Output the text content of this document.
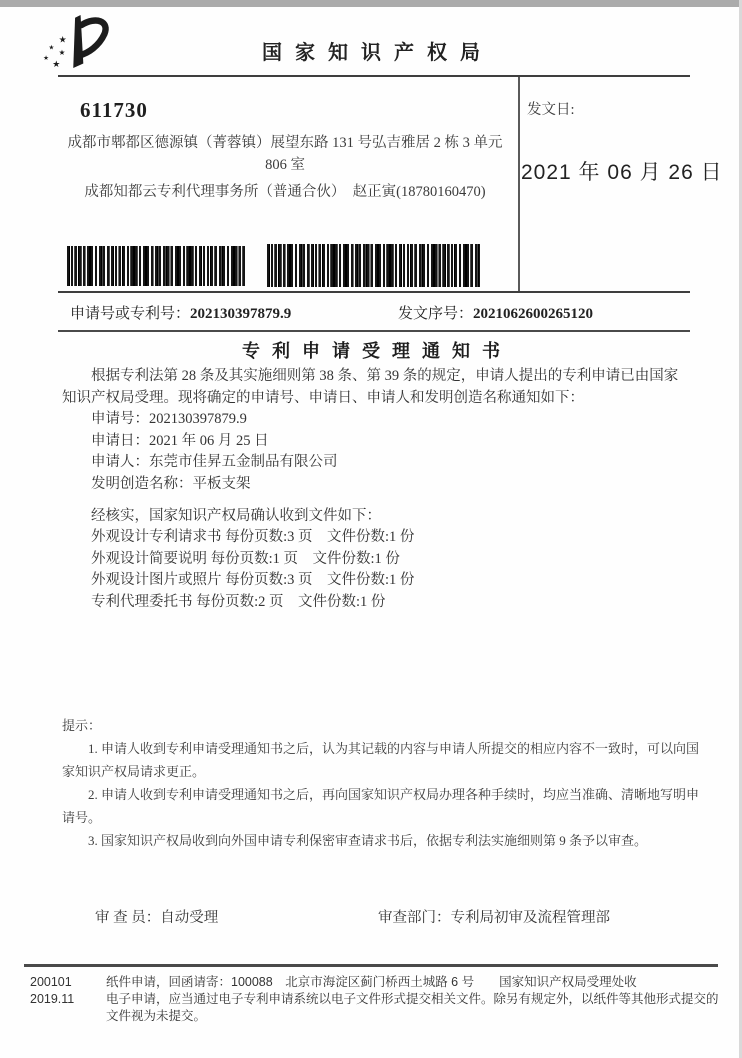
★
★ ★
★
★
国家知识产权局
611730
成都市郫都区德源镇（菁蓉镇）展望东路 131 号弘吉雅居 2 栋 3 单元
806 室
成都知都云专利代理事务所（普通合伙）　赵正寅(18780160470)
发文日:
2021 年 06 月 26 日
申请号或专利号：202130397879.9	发文序号：2021062600265120
专利申请受理通知书

根据专利法第 28 条及其实施细则第 38 条、第 39 条的规定，申请人提出的专利申请已由国家知识产权局受理。现将确定的申请号、申请日、申请人和发明创造名称通知如下：

申请号：202130397879.9

申请日：2021 年 06 月 25 日

申请人：东莞市佳昇五金制品有限公司

发明创造名称：平板支架

经核实，国家知识产权局确认收到文件如下：

外观设计专利请求书 每份页数:3 页　文件份数:1 份

外观设计简要说明 每份页数:1 页　文件份数:1 份

外观设计图片或照片 每份页数:3 页　文件份数:1 份

专利代理委托书 每份页数:2 页　文件份数:1 份

提示：

1. 申请人收到专利申请受理通知书之后，认为其记载的内容与申请人所提交的相应内容不一致时，可以向国家知识产权局请求更正。

2. 申请人收到专利申请受理通知书之后，再向国家知识产权局办理各种手续时，均应当准确、清晰地写明申请号。

3. 国家知识产权局收到向外国申请专利保密审查请求书后，依据专利法实施细则第 9 条予以审查。

审 查 员：自动受理	审查部门：专利局初审及流程管理部
200101
2019.11

纸件申请，回函请寄：100088　北京市海淀区蓟门桥西土城路 6 号　　国家知识产权局受理处收

电子申请，应当通过电子专利申请系统以电子文件形式提交相关文件。除另有规定外，以纸件等其他形式提交的文件视为未提交。
